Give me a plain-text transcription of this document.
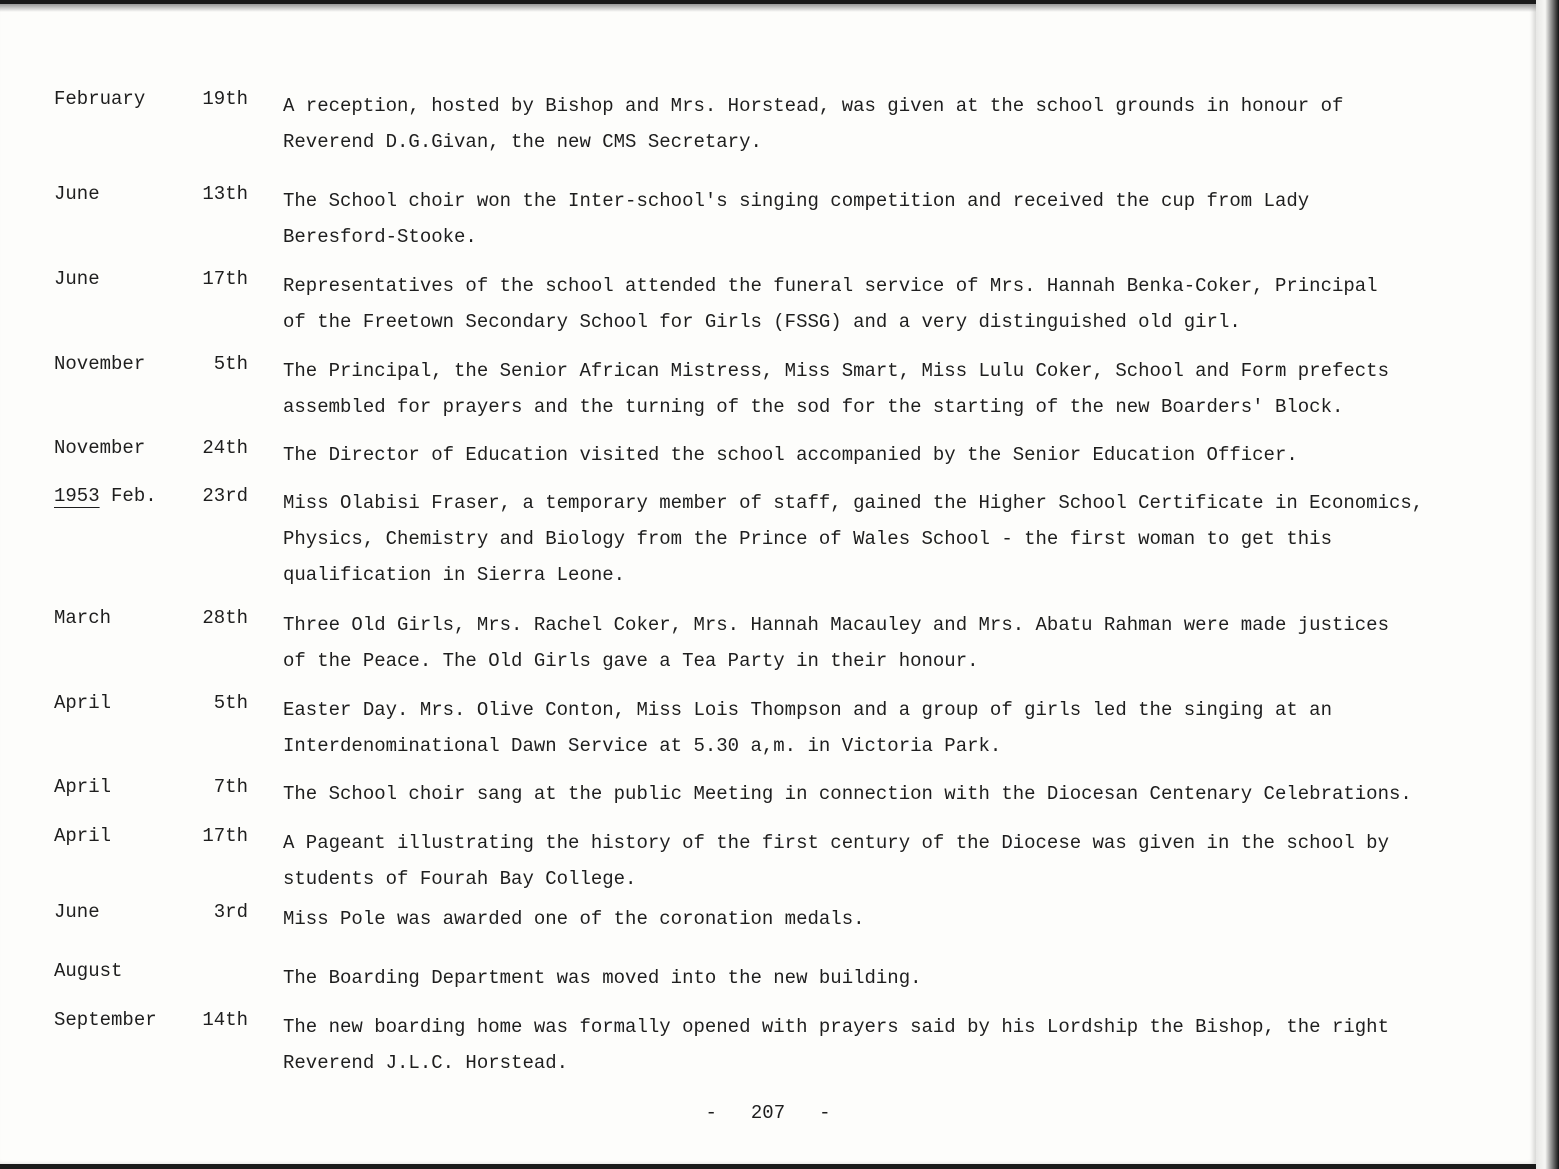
February	19th A reception, hosted by Bishop and Mrs. Horstead, was given at the school grounds in honour of
Reverend D.G.Givan, the new CMS Secretary.
June	13th The School choir won the Inter-school's singing competition and received the cup from Lady
Beresford-Stooke.
June	17th Representatives of the school attended the funeral service of Mrs. Hannah Benka-Coker, Principal
of the Freetown Secondary School for Girls (FSSG) and a very distinguished old girl.
November	5th The Principal, the Senior African Mistress, Miss Smart, Miss Lulu Coker, School and Form prefects
assembled for prayers and the turning of the sod for the starting of the new Boarders' Block.
November	24th The Director of Education visited the school accompanied by the Senior Education Officer.
1953 Feb.	23rd Miss Olabisi Fraser, a temporary member of staff, gained the Higher School Certificate in Economics,
Physics, Chemistry and Biology from the Prince of Wales School - the first woman to get this
qualification in Sierra Leone.
March	28th Three Old Girls, Mrs. Rachel Coker, Mrs. Hannah Macauley and Mrs. Abatu Rahman were made justices
of the Peace. The Old Girls gave a Tea Party in their honour.
April	5th Easter Day. Mrs. Olive Conton, Miss Lois Thompson and a group of girls led the singing at an
Interdenominational Dawn Service at 5.30 a,m. in Victoria Park.
April	7th The School choir sang at the public Meeting in connection with the Diocesan Centenary Celebrations.
April	17th A Pageant illustrating the history of the first century of the Diocese was given in the school by
students of Fourah Bay College.
June	3rd Miss Pole was awarded one of the coronation medals.
August	The Boarding Department was moved into the new building.
September	14th The new boarding home was formally opened with prayers said by his Lordship the Bishop, the right
Reverend J.L.C. Horstead.
- 207 -
